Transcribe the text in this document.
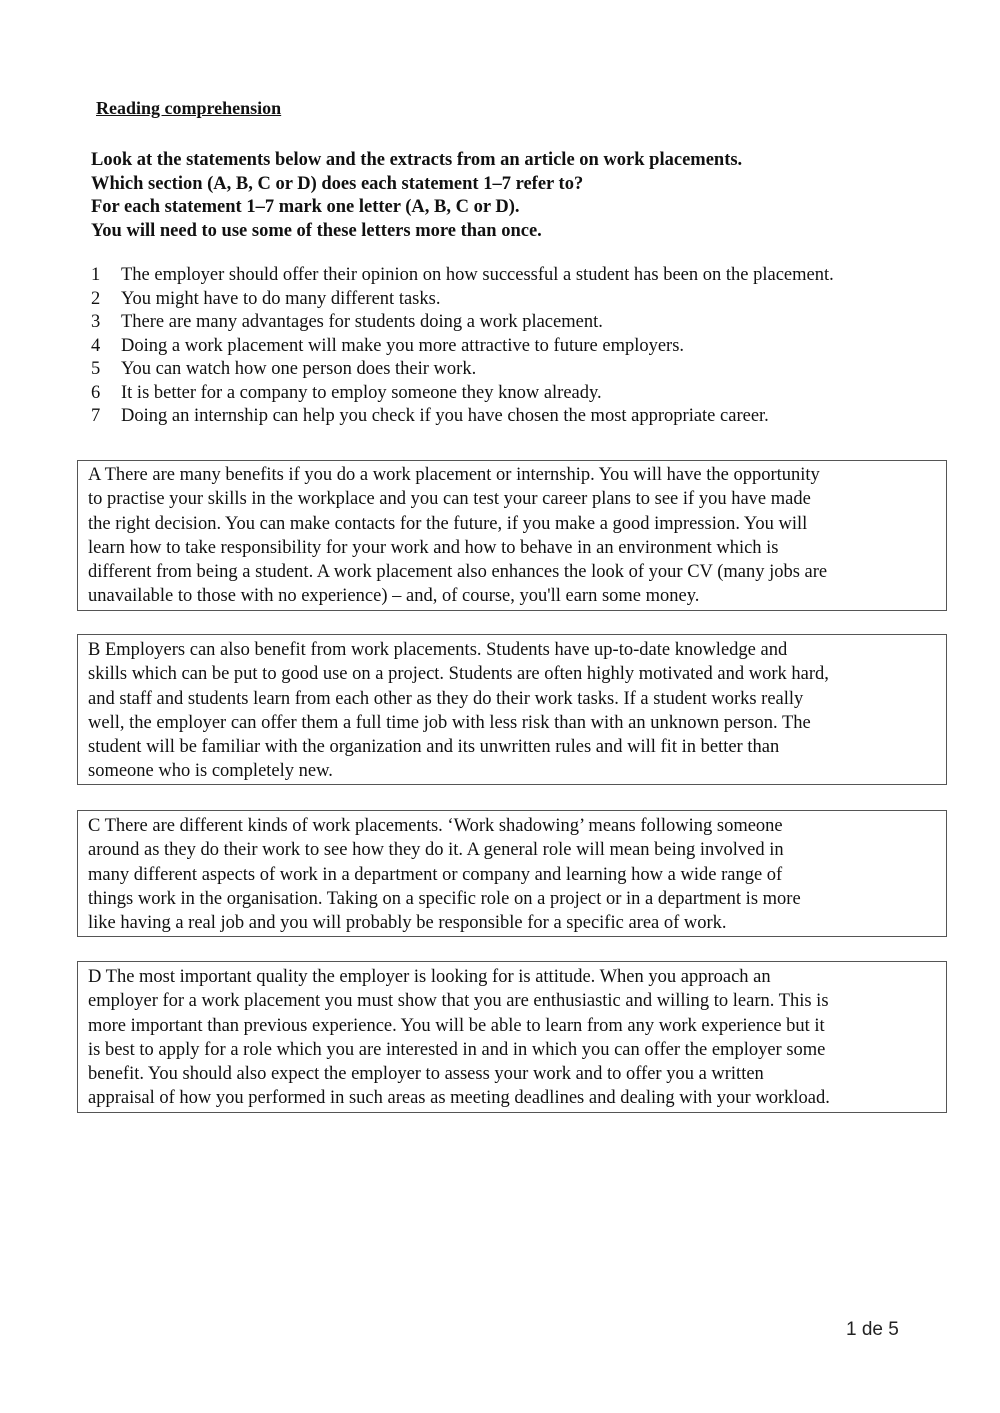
Reading comprehension
Look at the statements below and the extracts from an article on work placements.
Which section (A, B, C or D) does each statement 1–7 refer to?
For each statement 1–7 mark one letter (A, B, C or D).
You will need to use some of these letters more than once.
1	The employer should offer their opinion on how successful a student has been on the placement.
2	You might have to do many different tasks.
3	There are many advantages for students doing a work placement.
4	Doing a work placement will make you more attractive to future employers.
5	You can watch how one person does their work.
6	It is better for a company to employ someone they know already.
7	Doing an internship can help you check if you have chosen the most appropriate career.
A There are many benefits if you do a work placement or internship. You will have the opportunity
to practise your skills in the workplace and you can test your career plans to see if you have made
the right decision. You can make contacts for the future, if you make a good impression. You will
learn how to take responsibility for your work and how to behave in an environment which is
different from being a student. A work placement also enhances the look of your CV (many jobs are
unavailable to those with no experience) – and, of course, you'll earn some money.
B Employers can also benefit from work placements. Students have up-to-date knowledge and
skills which can be put to good use on a project. Students are often highly motivated and work hard,
and staff and students learn from each other as they do their work tasks. If a student works really
well, the employer can offer them a full time job with less risk than with an unknown person. The
student will be familiar with the organization and its unwritten rules and will fit in better than
someone who is completely new.
C There are different kinds of work placements. ‘Work shadowing’ means following someone
around as they do their work to see how they do it. A general role will mean being involved in
many different aspects of work in a department or company and learning how a wide range of
things work in the organisation. Taking on a specific role on a project or in a department is more
like having a real job and you will probably be responsible for a specific area of work.
D The most important quality the employer is looking for is attitude. When you approach an
employer for a work placement you must show that you are enthusiastic and willing to learn. This is
more important than previous experience. You will be able to learn from any work experience but it
is best to apply for a role which you are interested in and in which you can offer the employer some
benefit. You should also expect the employer to assess your work and to offer you a written
appraisal of how you performed in such areas as meeting deadlines and dealing with your workload.
1 de 5
